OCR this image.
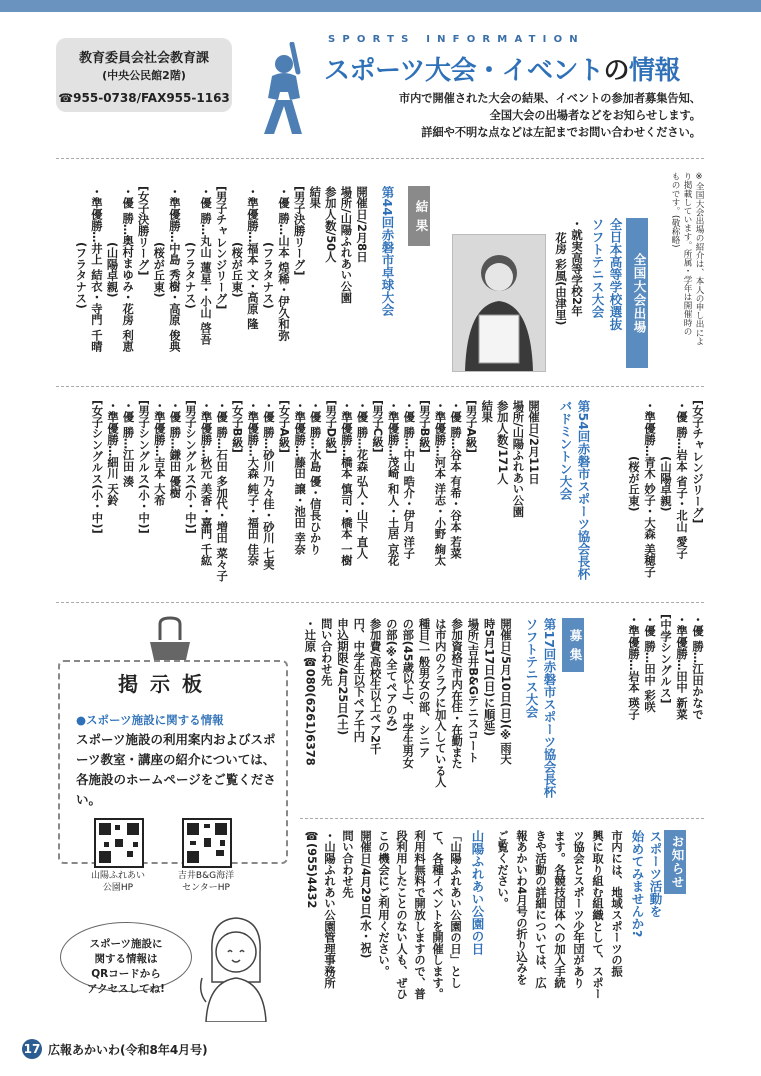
教育委員会社会教育課
(中央公民館2階)
☎955-0738/FAX955-1163
SPORTS INFORMATION
スポーツ大会・イベントの情報
市内で開催された大会の結果、イベントの参加者募集告知、
全国大会の出場者などをお知らせします。
詳細や不明な点などは左記までお問い合わせください。
※全国大会出場の紹介は、本人の申し出によ
り掲載しています。所属・学年は開催時の
ものです。(敬称略)
全国大会出場
全日本高等学校選抜
ソフトテニス大会
・就実高等学校2年
花房 彩風(由津里)
結 果
第44回赤磐市卓球大会
開催日/2月8日
場所/山陽ふれあい公園
参加人数/50人
結果
[男子決勝リーグ]
・優 勝…山本 煌稀・伊久和弥
(フラタナス)
・準優勝…福本 文・高原 隆
(桜が丘東)
[男子チャレンジリーグ]
・優 勝…丸山 蓮星・小山 啓吾
(フラタナス)
・準優勝…中島 秀樹・高原 俊典
(桜が丘東)
[女子決勝リーグ]
・優 勝…奥村まゆみ・花房 利恵
(山陽卓親)
・準優勝…井上 結衣・寺門 千晴
(フラタナス)
[女子チャレンジリーグ]
・優 勝…岩本 省子・北山 愛子
(山陽卓親)
・準優勝…青木 妙子・大森 美穂子
(桜が丘東)
第54回赤磐市スポーツ協会長杯
バドミントン大会
開催日/2月11日
場所/山陽ふれあい公園
参加人数/171人
結果
[男子A級]
・優 勝…谷本 有希・谷本 若菜
・準優勝…河本 洋志・小野 絢太
[男子B級]
・優 勝…中山 晧介・伊月 洋子
・準優勝…茂崎 和人・土居 京花
[男子C級]
・優 勝…花森 弘人・山下 直人
・準優勝…橋本 慎司・橋本 一樹
[男子D級]
・優 勝…水島 優・信長ひかり
・準優勝…藤田 譲・池田 幸奈
[女子A級]
・優 勝…砂川 乃々佳・砂川 七実
・準優勝…大森 純子・福田 佳奈
[女子B級]
・優 勝…石田 多加代・増田 菜々子
・準優勝…秋元 美香・嘉門 千紘
[男子シングルス(小・中)]
・優 勝…鎌田 優樹
・準優勝…吉本 大希
[男子シングルス(小・中)]
・優 勝…江田 湊
・準優勝…細川 天鈴
[女子シングルス(小・中)]
・優 勝…江田かなで
・準優勝…田中 新菜
[中学シングルス]
・優 勝…田中 彩咲
・準優勝…岩本 瑛子
募 集
第17回赤磐市スポーツ協会長杯
ソフトテニス大会
開催日/5月10日(日)(※雨天
時5月17日(日)に順延)
場所/吉井B&Gテニスコート
参加資格/市内在住・在勤また
は市内のクラブに加入している人
種目/一般男女の部、シニア
の部(45歳以上)、中学生男女
の部(※全てペアのみ)
参加費/高校生以上ペア2千
円、中学生以下ペア千円
申込期限/4月25日(土)
問い合わせ先
・辻原 ☎080(6261)6378
お知らせ
スポーツ活動を
始めてみませんか?
市内には、地域スポーツの振
興に取り組む組織として、スポー
ツ協会とスポーツ少年団があり
ます。各競技団体への加入手続
きや活動の詳細については、広
報あかいわ4月号の折り込みを
ご覧ください。
山陽ふれあい公園の日
「山陽ふれあい公園の日」とし
て、各種イベントを開催します。
利用料無料で開放しますので、普
段利用したことのない人も、ぜひ
この機会にご利用ください。
開催日/4月29日(水・祝)
問い合わせ先
・山陽ふれあい公園管理事務所
☎(955)4432
掲示板
●スポーツ施設に関する情報
スポーツ施設の利用案内およびスポーツ教室・講座の紹介については、各施設のホームページをご覧ください。
山陽ふれあい
公園HP
吉井B&G海洋
センターHP
スポーツ施設に
関する情報は
QRコードから
アクセスしてね!
17 広報あかいわ(令和8年4月号)
